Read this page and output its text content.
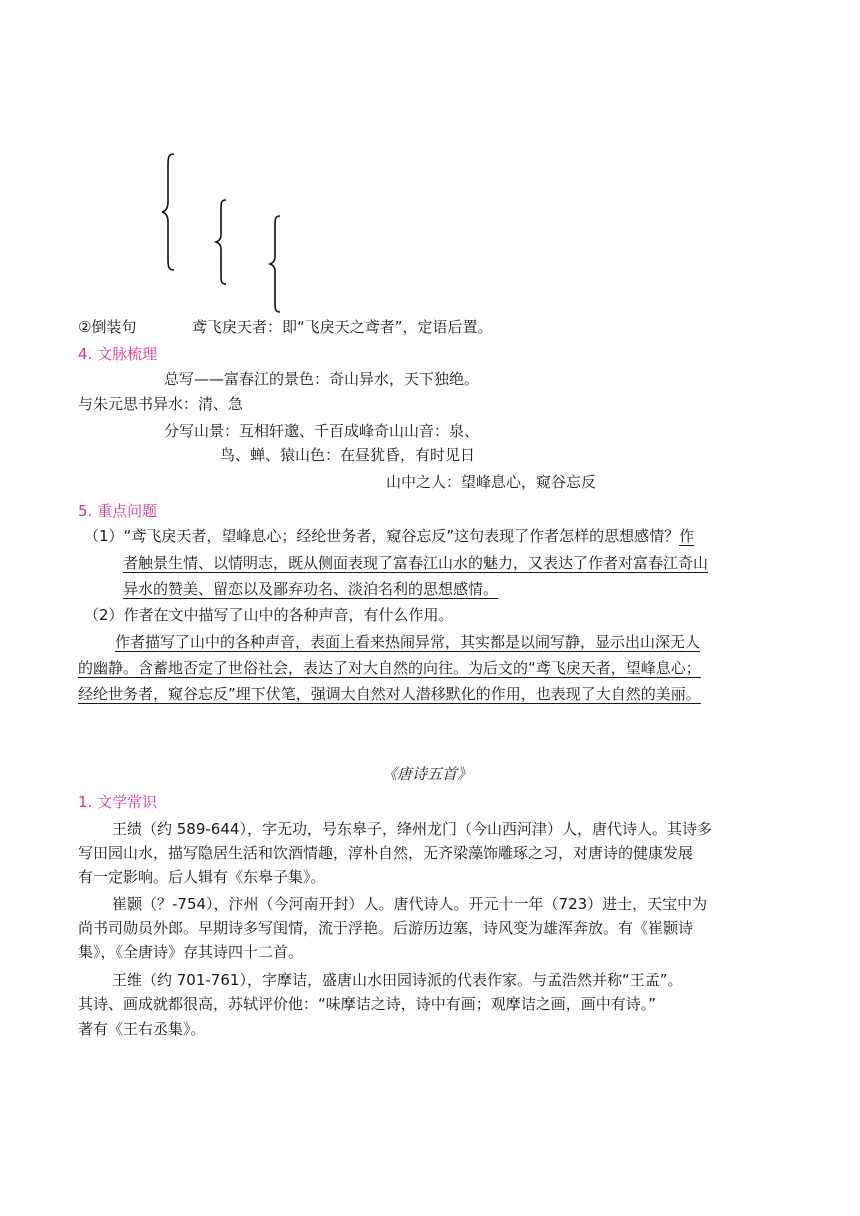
②倒装句	鸢飞戾天者：即“飞戾天之鸢者”，定语后置。
4. 文脉梳理
总写——富春江的景色：奇山异水，天下独绝。
与朱元思书异水：清、急
分写山景：互相轩邈、千百成峰奇山山音：泉、
鸟、蝉、猿山色：在昼犹昏，有时见日
山中之人：望峰息心，窥谷忘反
5. 重点问题
（1）“鸢飞戾天者，望峰息心；经纶世务者，窥谷忘反”这句表现了作者怎样的思想感情？作
者触景生情、以情明志，既从侧面表现了富春江山水的魅力，又表达了作者对富春江奇山
异水的赞美、留恋以及鄙弃功名、淡泊名利的思想感情。
（2）作者在文中描写了山中的各种声音，有什么作用。
作者描写了山中的各种声音，表面上看来热闹异常，其实都是以闹写静，显示出山深无人
的幽静。含蓄地否定了世俗社会，表达了对大自然的向往。为后文的“鸢飞戾天者，望峰息心；
经纶世务者，窥谷忘反”埋下伏笔，强调大自然对人潜移默化的作用，也表现了大自然的美丽。
《唐诗五首》
1. 文学常识
王绩（约 589-644），字无功，号东皋子，绛州龙门（今山西河津）人，唐代诗人。其诗多
写田园山水，描写隐居生活和饮酒情趣，淳朴自然，无齐梁藻饰雕琢之习，对唐诗的健康发展
有一定影响。后人辑有《东皋子集》。
崔颢（？-754），汴州（今河南开封）人。唐代诗人。开元十一年（723）进士，天宝中为
尚书司勋员外郎。早期诗多写闺情，流于浮艳。后游历边塞，诗风变为雄浑奔放。有《崔颢诗
集》，《全唐诗》存其诗四十二首。
王维（约 701-761），字摩诘，盛唐山水田园诗派的代表作家。与孟浩然并称“王孟”。
其诗、画成就都很高，苏轼评价他：“味摩诘之诗，诗中有画；观摩诘之画，画中有诗。”
著有《王右丞集》。
